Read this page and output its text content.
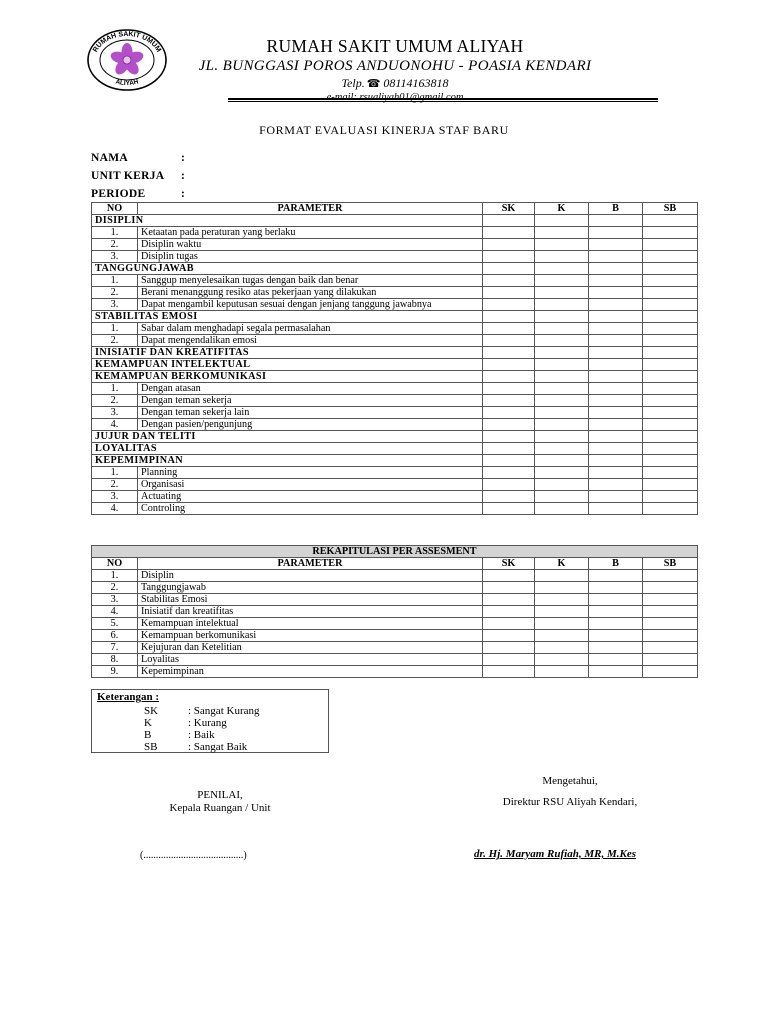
RUMAH SAKIT UMUM
ALIYAH
RUMAH SAKIT UMUM ALIYAH
JL. BUNGGASI POROS ANDUONOHU - POASIA KENDARI
Telp. ☎ 08114163818
e-mail: rsualiyah01@gmail.com
FORMAT EVALUASI KINERJA STAF BARU
NAMA	:
UNIT KERJA	:
PERIODE	:
NO	PARAMETER	SK	K	B	SB
DISIPLIN					
1.	Ketaatan pada peraturan yang berlaku				
2.	Disiplin waktu				
3.	Disiplin tugas				
TANGGUNGJAWAB					
1.	Sanggup menyelesaikan tugas dengan baik dan benar				
2.	Berani menanggung resiko atas pekerjaan yang dilakukan				
3.	Dapat mengambil keputusan sesuai dengan jenjang tanggung jawabnya				
STABILITAS EMOSI					
1.	Sabar dalam menghadapi segala permasalahan				
2.	Dapat mengendalikan emosi				
INISIATIF DAN KREATIFITAS					
KEMAMPUAN INTELEKTUAL					
KEMAMPUAN BERKOMUNIKASI					
1.	Dengan atasan				
2.	Dengan teman sekerja				
3.	Dengan teman sekerja lain				
4.	Dengan pasien/pengunjung				
JUJUR DAN TELITI					
LOYALITAS					
KEPEMIMPINAN					
1.	Planning				
2.	Organisasi				
3.	Actuating				
4.	Controling				
REKAPITULASI PER ASSESMENT					
NO	PARAMETER	SK	K	B	SB
1.	Disiplin				
2.	Tanggungjawab				
3.	Stabilitas Emosi				
4.	Inisiatif dan kreatifitas				
5.	Kemampuan intelektual				
6.	Kemampuan berkomunikasi				
7.	Kejujuran dan Ketelitian				
8.	Loyalitas				
9.	Kepemimpinan				
Keterangan :
SK	: Sangat Kurang
K	: Kurang
B	: Baik
SB	: Sangat Baik
PENILAI,
Kepala Ruangan / Unit
Mengetahui,
Direktur RSU Aliyah Kendari,
(........................................)	dr. Hj. Maryam Rufiah, MR, M.Kes
